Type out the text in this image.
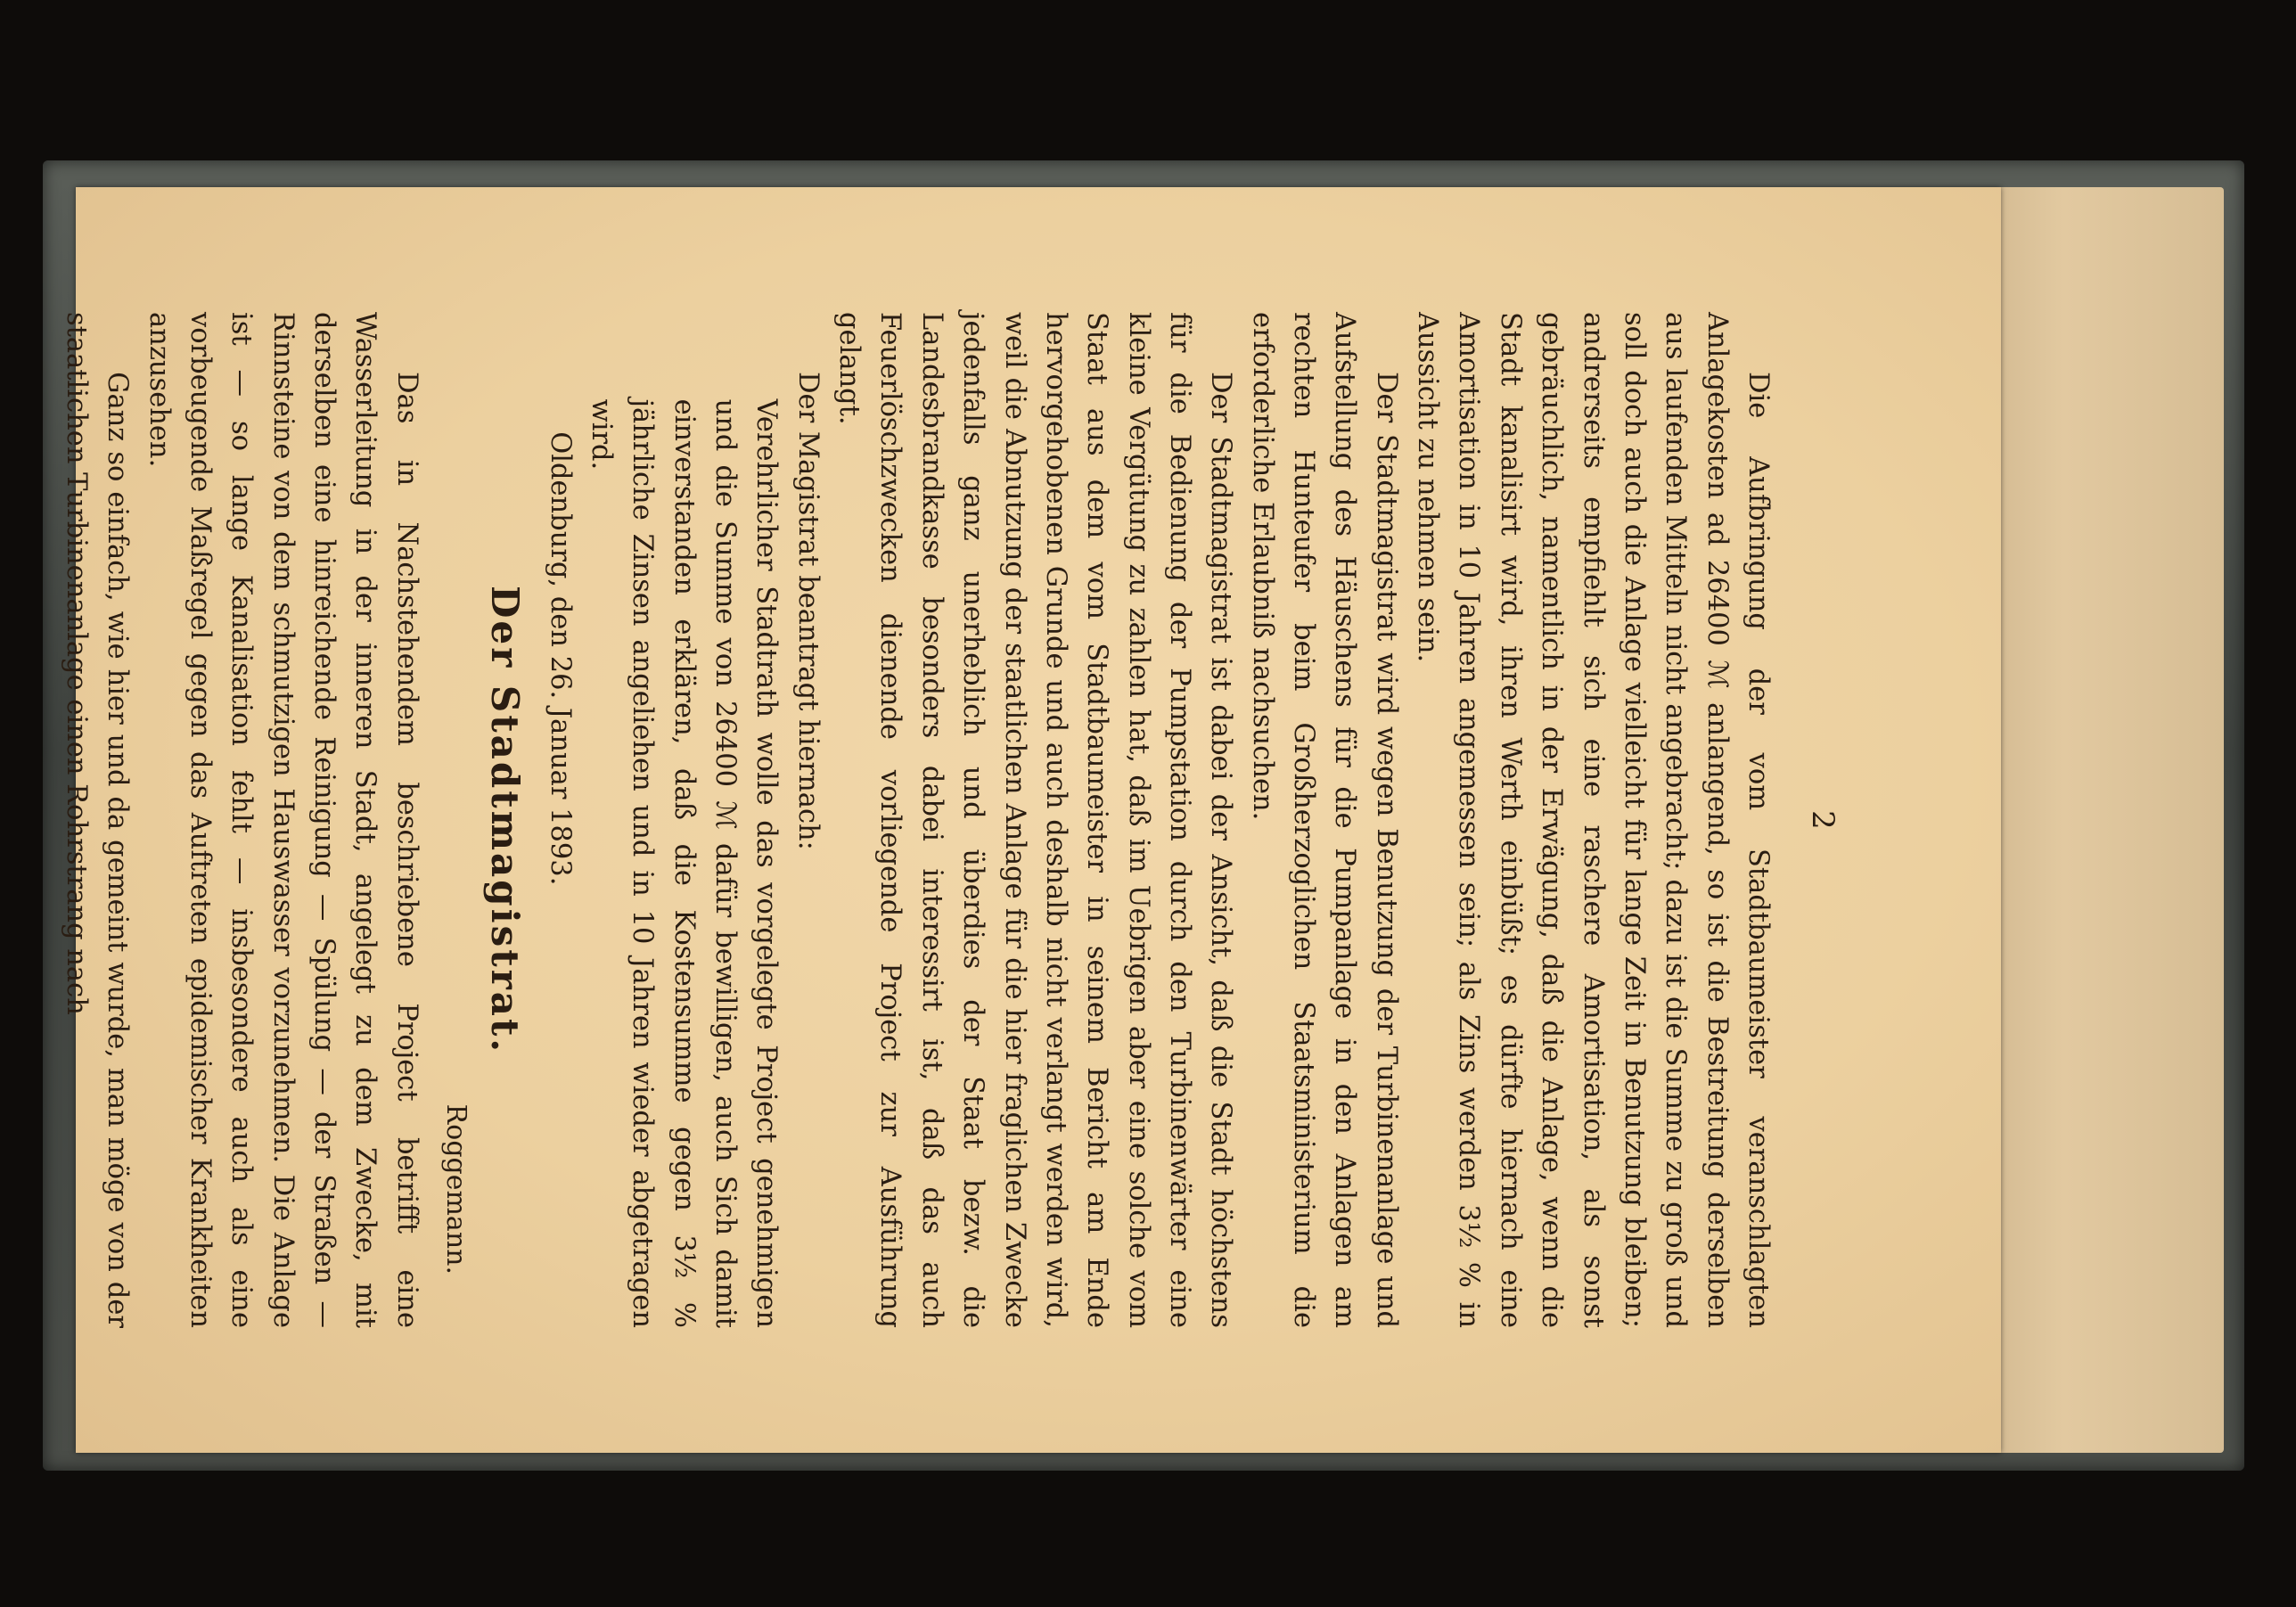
2

Die Aufbringung der vom Stadtbaumeister veranschlagten Anlagekosten ad 26400 ℳ anlangend, so ist die Bestreitung derselben aus laufenden Mitteln nicht angebracht; dazu ist die Summe zu groß und soll doch auch die Anlage vielleicht für lange Zeit in Benutzung bleiben; andrerseits empfiehlt sich eine raschere Amortisation, als sonst gebräuchlich, namentlich in der Erwägung, daß die Anlage, wenn die Stadt kanalisirt wird, ihren Werth einbüßt; es dürfte hiernach eine Amortisation in 10 Jahren angemessen sein; als Zins werden 3½ % in Aussicht zu nehmen sein.

Der Stadtmagistrat wird wegen Benutzung der Turbinenanlage und Aufstellung des Häuschens für die Pumpanlage in den Anlagen am rechten Hunteufer beim Großherzoglichen Staatsministerium die erforderliche Erlaubniß nachsuchen.

Der Stadtmagistrat ist dabei der Ansicht, daß die Stadt höchstens für die Bedienung der Pumpstation durch den Turbinenwärter eine kleine Vergütung zu zahlen hat, daß im Uebrigen aber eine solche vom Staat aus dem vom Stadtbaumeister in seinem Bericht am Ende hervorgehobenen Grunde und auch deshalb nicht verlangt werden wird, weil die Abnutzung der staatlichen Anlage für die hier fraglichen Zwecke jedenfalls ganz unerheblich und überdies der Staat bezw. die Landesbrandkasse besonders dabei interessirt ist, daß das auch Feuerlöschzwecken dienende vorliegende Project zur Ausführung gelangt.

Der Magistrat beantragt hiernach:

Verehrlicher Stadtrath wolle das vorgelegte Project genehmigen und die Summe von 26400 ℳ dafür bewilligen, auch Sich damit einverstanden erklären, daß die Kostensumme gegen 3½ % jährliche Zinsen angeliehen und in 10 Jahren wieder abgetragen wird.

Oldenburg, den 26. Januar 1893.

Der Stadtmagistrat.

Roggemann.

Das in Nachstehendem beschriebene Project betrifft eine Wasserleitung in der inneren Stadt, angelegt zu dem Zwecke, mit derselben eine hinreichende Reinigung — Spülung — der Straßen — Rinnsteine von dem schmutzigen Hauswasser vorzunehmen. Die Anlage ist — so lange Kanalisation fehlt — insbesondere auch als eine vorbeugende Maßregel gegen das Auftreten epidemischer Krankheiten anzusehen.

Ganz so einfach, wie hier und da gemeint wurde, man möge von der staatlichen Turbinenanlage einen Rohrstrang nach
